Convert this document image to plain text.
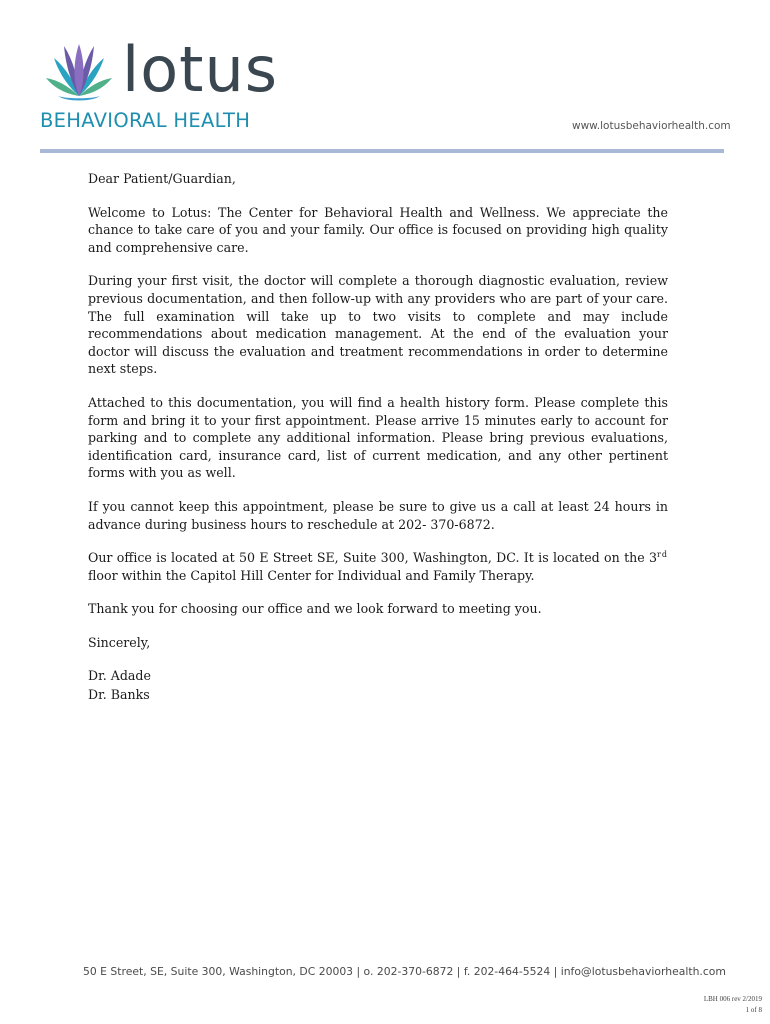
lotus
BEHAVIORAL HEALTH	www.lotusbehaviorhealth.com

Dear Patient/Guardian,

Welcome to Lotus: The Center for Behavioral Health and Wellness. We appreciate the chance to take care of you and your family. Our office is focused on providing high quality and comprehensive care.

During your first visit, the doctor will complete a thorough diagnostic evaluation, review previous documentation, and then follow-up with any providers who are part of your care. The full examination will take up to two visits to complete and may include recommendations about medication management. At the end of the evaluation your doctor will discuss the evaluation and treatment recommendations in order to determine next steps.

Attached to this documentation, you will find a health history form. Please complete this form and bring it to your first appointment. Please arrive 15 minutes early to account for parking and to complete any additional information. Please bring previous evaluations, identification card, insurance card, list of current medication, and any other pertinent forms with you as well.

If you cannot keep this appointment, please be sure to give us a call at least 24 hours in advance during business hours to reschedule at 202- 370-6872.

Our office is located at 50 E Street SE, Suite 300, Washington, DC. It is located on the 3rd floor within the Capitol Hill Center for Individual and Family Therapy.

Thank you for choosing our office and we look forward to meeting you.

Sincerely,

Dr. Adade

Dr. Banks

50 E Street, SE, Suite 300, Washington, DC 20003 | o. 202-370-6872 | f. 202-464-5524 | info@lotusbehaviorhealth.com
LBH 006 rev 2/2019
1 of 8
